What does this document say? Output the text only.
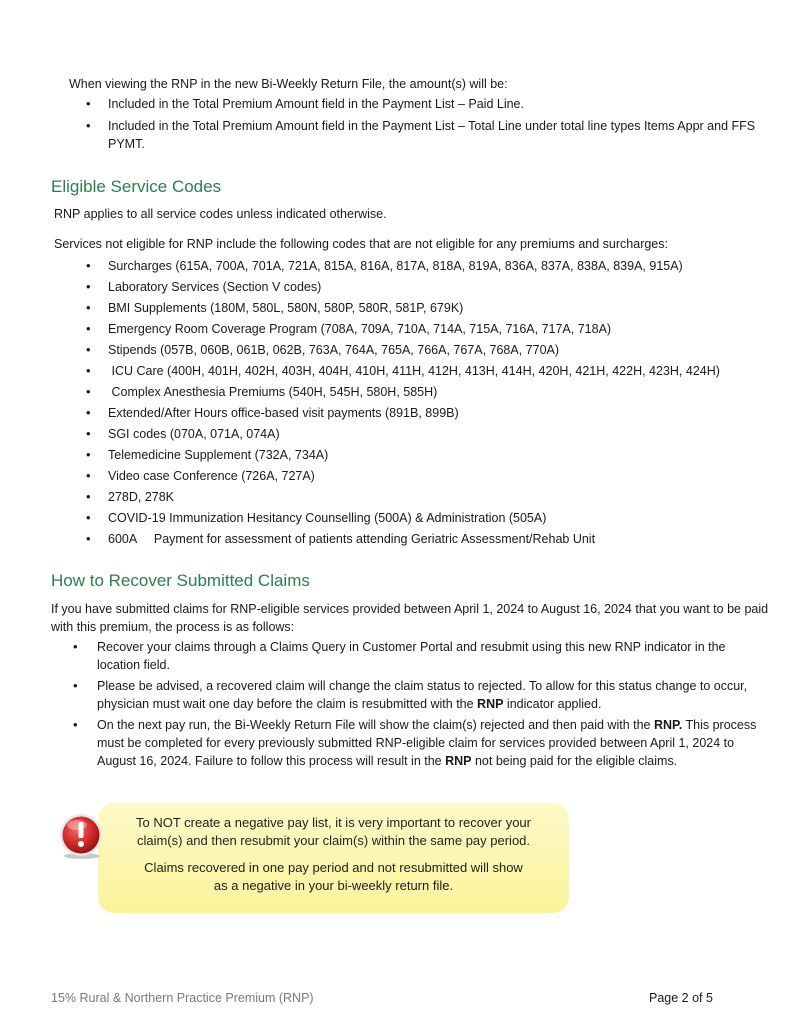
When viewing the RNP in the new Bi-Weekly Return File, the amount(s) will be:
• Included in the Total Premium Amount field in the Payment List – Paid Line.
• Included in the Total Premium Amount field in the Payment List – Total Line under total line types Items Appr and FFS PYMT.
Eligible Service Codes
RNP applies to all service codes unless indicated otherwise.
Services not eligible for RNP include the following codes that are not eligible for any premiums and surcharges:
• Surcharges (615A, 700A, 701A, 721A, 815A, 816A, 817A, 818A, 819A, 836A, 837A, 838A, 839A, 915A)
• Laboratory Services (Section V codes)
• BMI Supplements (180M, 580L, 580N, 580P, 580R, 581P, 679K)
• Emergency Room Coverage Program (708A, 709A, 710A, 714A, 715A, 716A, 717A, 718A)
• Stipends (057B, 060B, 061B, 062B, 763A, 764A, 765A, 766A, 767A, 768A, 770A)
•  ICU Care (400H, 401H, 402H, 403H, 404H, 410H, 411H, 412H, 413H, 414H, 420H, 421H, 422H, 423H, 424H)
•  Complex Anesthesia Premiums (540H, 545H, 580H, 585H)
• Extended/After Hours office-based visit payments (891B, 899B)
• SGI codes (070A, 071A, 074A)
• Telemedicine Supplement (732A, 734A)
• Video case Conference (726A, 727A)
• 278D, 278K
• COVID-19 Immunization Hesitancy Counselling (500A) & Administration (505A)
• 600A     Payment for assessment of patients attending Geriatric Assessment/Rehab Unit
How to Recover Submitted Claims
If you have submitted claims for RNP-eligible services provided between April 1, 2024 to August 16, 2024 that you want to be paid with this premium, the process is as follows:
• Recover your claims through a Claims Query in Customer Portal and resubmit using this new RNP indicator in the location field.
• Please be advised, a recovered claim will change the claim status to rejected. To allow for this status change to occur, physician must wait one day before the claim is resubmitted with the RNP indicator applied.
• On the next pay run, the Bi-Weekly Return File will show the claim(s) rejected and then paid with the RNP. This process must be completed for every previously submitted RNP-eligible claim for services provided between April 1, 2024 to August 16, 2024. Failure to follow this process will result in the RNP not being paid for the eligible claims.
To NOT create a negative pay list, it is very important to recover your claim(s) and then resubmit your claim(s) within the same pay period.
Claims recovered in one pay period and not resubmitted will show as a negative in your bi-weekly return file.
15% Rural & Northern Practice Premium (RNP)	Page 2 of 5
